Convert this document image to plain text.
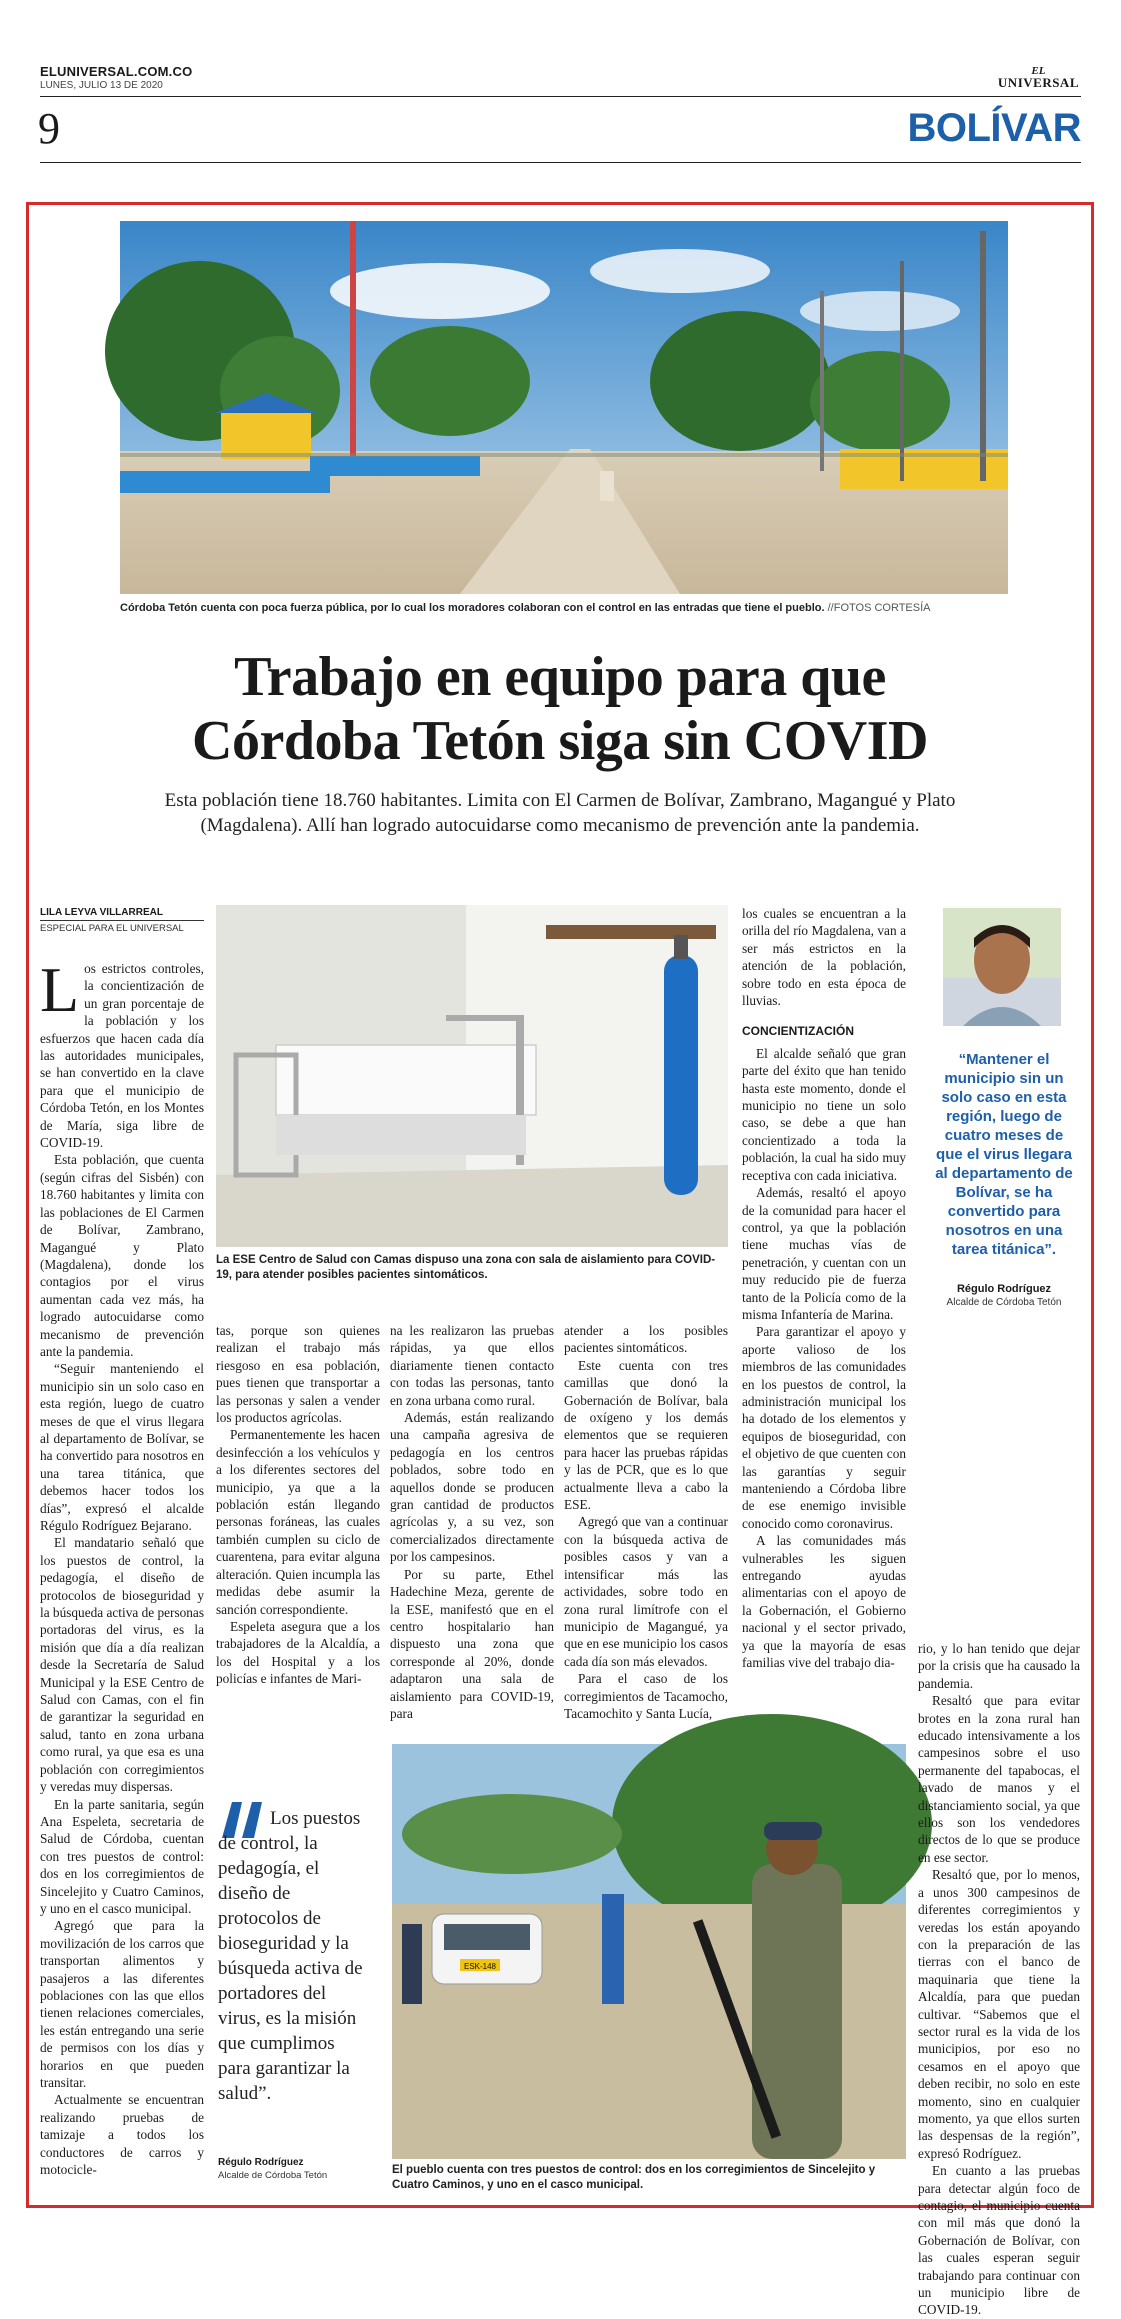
ELUNIVERSAL.COM.CO
LUNES, JULIO 13 DE 2020
EL
UNIVERSAL
9	BOLÍVAR
Córdoba Tetón cuenta con poca fuerza pública, por lo cual los moradores colaboran con el control en las entradas que tiene el pueblo. //FOTOS CORTESÍA
Trabajo en equipo para que
Córdoba Tetón siga sin COVID
Esta población tiene 18.760 habitantes. Limita con El Carmen de Bolívar, Zambrano, Magangué y Plato (Magdalena). Allí han logrado autocuidarse como mecanismo de prevención ante la pandemia.
LILA LEYVA VILLARREAL
ESPECIAL PARA EL UNIVERSAL

Los estrictos controles, la concientización de un gran porcentaje de la población y los esfuerzos que hacen cada día las autoridades municipales, se han convertido en la clave para que el municipio de Córdoba Tetón, en los Montes de María, siga libre de COVID-19.

Esta población, que cuenta (según cifras del Sisbén) con 18.760 habitantes y limita con las poblaciones de El Carmen de Bolívar, Zambrano, Magangué y Plato (Magdalena), donde los contagios por el virus aumentan cada vez más, ha logrado autocuidarse como mecanismo de prevención ante la pandemia.

“Seguir manteniendo el municipio sin un solo caso en esta región, luego de cuatro meses de que el virus llegara al departamento de Bolívar, se ha convertido para nosotros en una tarea titánica, que debemos hacer todos los días”, expresó el alcalde Régulo Rodríguez Bejarano.

El mandatario señaló que los puestos de control, la pedagogía, el diseño de protocolos de bioseguridad y la búsqueda activa de personas portadoras del virus, es la misión que día a día realizan desde la Secretaría de Salud Municipal y la ESE Centro de Salud con Camas, con el fin de garantizar la seguridad en salud, tanto en zona urbana como rural, ya que esa es una población con corregimientos y veredas muy dispersas.

En la parte sanitaria, según Ana Espeleta, secretaria de Salud de Córdoba, cuentan con tres puestos de control: dos en los corregimientos de Sincelejito y Cuatro Caminos, y uno en el casco municipal.

Agregó que para la movilización de los carros que transportan alimentos y pasajeros a las diferentes poblaciones con las que ellos tienen relaciones comerciales, les están entregando una serie de permisos con los días y horarios en que pueden transitar.

Actualmente se encuentran realizando pruebas de tamizaje a todos los conductores de carros y motocicle-

La ESE Centro de Salud con Camas dispuso una zona con sala de aislamiento para COVID-19, para atender posibles pacientes sintomáticos.

tas, porque son quienes realizan el trabajo más riesgoso en esa población, pues tienen que transportar a las personas y salen a vender los productos agrícolas.

Permanentemente les hacen desinfección a los vehículos y a los diferentes sectores del municipio, ya que a la población están llegando personas foráneas, las cuales también cumplen su ciclo de cuarentena, para evitar alguna alteración. Quien incumpla las medidas debe asumir la sanción correspondiente.

Espeleta asegura que a los trabajadores de la Alcaldía, a los del Hospital y a los policías e infantes de Mari-

na les realizaron las pruebas rápidas, ya que ellos diariamente tienen contacto con todas las personas, tanto en zona urbana como rural.

Además, están realizando una campaña agresiva de pedagogía en los centros poblados, sobre todo en aquellos donde se producen gran cantidad de productos agrícolas y, a su vez, son comercializados directamente por los campesinos.

Por su parte, Ethel Hadechine Meza, gerente de la ESE, manifestó que en el centro hospitalario han dispuesto una zona que corresponde al 20%, donde adaptaron una sala de aislamiento para COVID-19, para

atender a los posibles pacientes sintomáticos.

Este cuenta con tres camillas que donó la Gobernación de Bolívar, bala de oxígeno y los demás elementos que se requieren para hacer las pruebas rápidas y las de PCR, que es lo que actualmente lleva a cabo la ESE.

Agregó que van a continuar con la búsqueda activa de posibles casos y van a intensificar más las actividades, sobre todo en zona rural limítrofe con el municipio de Magangué, ya que en ese municipio los casos cada día son más elevados.

Para el caso de los corregimientos de Tacamocho, Tacamochito y Santa Lucía,

los cuales se encuentran a la orilla del río Magdalena, van a ser más estrictos en la atención de la población, sobre todo en esta época de lluvias.

CONCIENTIZACIÓN

El alcalde señaló que gran parte del éxito que han tenido hasta este momento, donde el municipio no tiene un solo caso, se debe a que han concientizado a toda la población, la cual ha sido muy receptiva con cada iniciativa.

Además, resaltó el apoyo de la comunidad para hacer el control, ya que la población tiene muchas vías de penetración, y cuentan con un muy reducido pie de fuerza tanto de la Policía como de la misma Infantería de Marina.

Para garantizar el apoyo y aporte valioso de los miembros de las comunidades en los puestos de control, la administración municipal los ha dotado de los elementos y equipos de bioseguridad, con el objetivo de que cuenten con las garantías y seguir manteniendo a Córdoba libre de ese enemigo invisible conocido como coronavirus.

A las comunidades más vulnerables les siguen entregando ayudas alimentarias con el apoyo de la Gobernación, el Gobierno nacional y el sector privado, ya que la mayoría de esas familias vive del trabajo dia-

“Mantener el municipio sin un solo caso en esta región, luego de cuatro meses de que el virus llegara al departamento de Bolívar, se ha convertido para nosotros en una tarea titánica”.
Régulo Rodríguez
Alcalde de Córdoba Tetón
Los puestos de control, la pedagogía, el diseño de protocolos de bioseguridad y la búsqueda activa de portadores del virus, es la misión que cumplimos para garantizar la salud”.
Régulo Rodríguez
Alcalde de Córdoba Tetón
ESK-148
El pueblo cuenta con tres puestos de control: dos en los corregimientos de Sincelejito y Cuatro Caminos, y uno en el casco municipal.

rio, y lo han tenido que dejar por la crisis que ha causado la pandemia.

Resaltó que para evitar brotes en la zona rural han educado intensivamente a los campesinos sobre el uso permanente del tapabocas, el lavado de manos y el distanciamiento social, ya que ellos son los vendedores directos de lo que se produce en ese sector.

Resaltó que, por lo menos, a unos 300 campesinos de diferentes corregimientos y veredas los están apoyando con la preparación de las tierras con el banco de maquinaria que tiene la Alcaldía, para que puedan cultivar. “Sabemos que el sector rural es la vida de los municipios, por eso no cesamos en el apoyo que deben recibir, no solo en este momento, sino en cualquier momento, ya que ellos surten las despensas de la región”, expresó Rodríguez.

En cuanto a las pruebas para detectar algún foco de contagio, el municipio cuenta con mil más que donó la Gobernación de Bolívar, con las cuales esperan seguir trabajando para continuar con un municipio libre de COVID-19.
